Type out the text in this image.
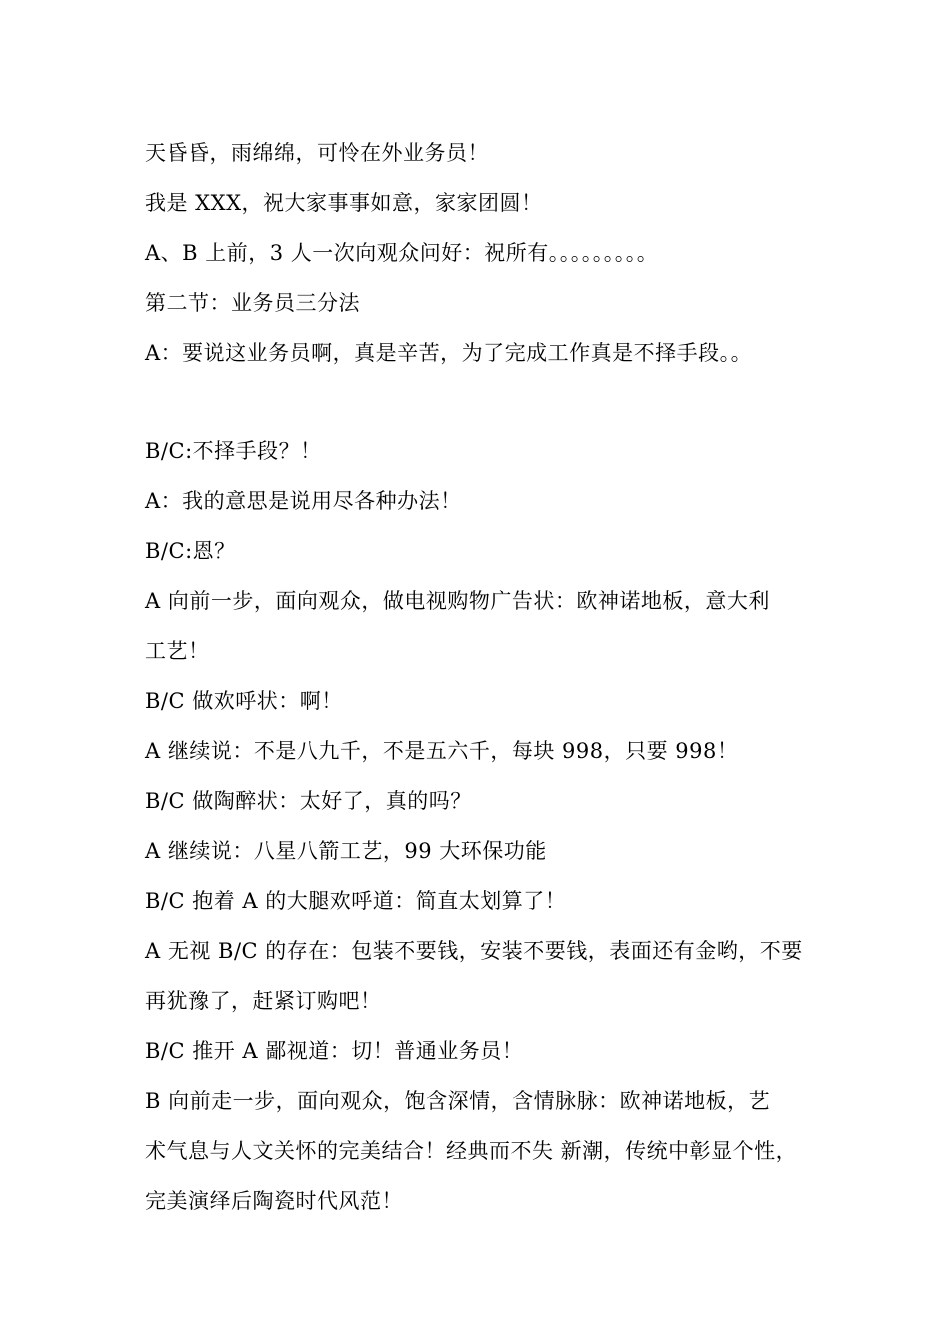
天昏昏，雨绵绵，可怜在外业务员！
我是 XXX，祝大家事事如意，家家团圆！
A、B 上前，3 人一次向观众问好：祝所有。。。。。。。。。
第二节：业务员三分法
A：要说这业务员啊，真是辛苦，为了完成工作真是不择手段。。
B/C:不择手段？！
A：我的意思是说用尽各种办法！
B/C:恩？
A 向前一步，面向观众，做电视购物广告状：欧神诺地板，意大利
工艺！
B/C 做欢呼状：啊！
A 继续说：不是八九千，不是五六千，每块 998，只要 998！
B/C 做陶醉状：太好了，真的吗？
A 继续说：八星八箭工艺，99 大环保功能
B/C 抱着 A 的大腿欢呼道：简直太划算了！
A 无视 B/C 的存在：包装不要钱，安装不要钱，表面还有金哟，不要
再犹豫了，赶紧订购吧！
B/C 推开 A 鄙视道：切！普通业务员！
B 向前走一步，面向观众，饱含深情，含情脉脉：欧神诺地板，艺
术气息与人文关怀的完美结合！经典而不失 新潮，传统中彰显个性，
完美演绎后陶瓷时代风范！
